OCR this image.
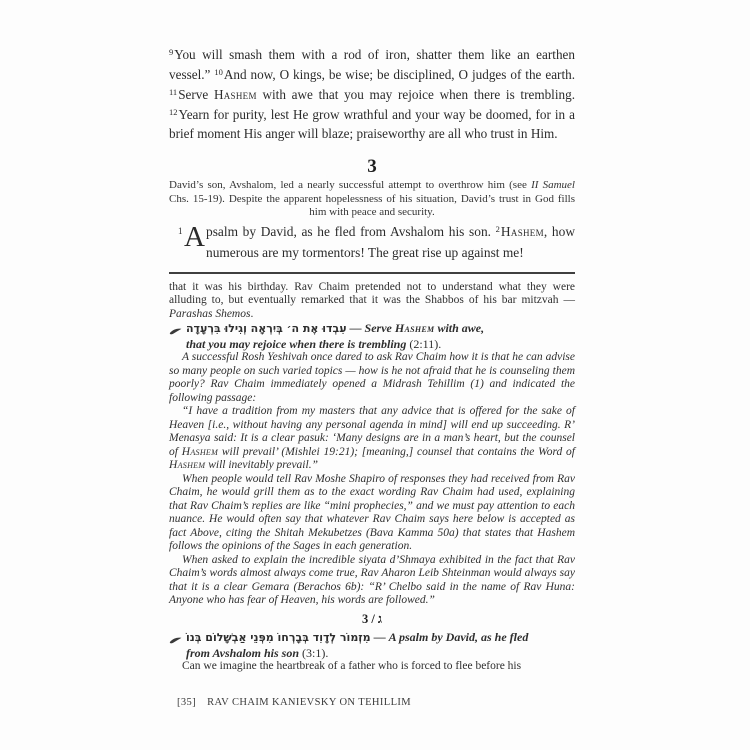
$^9$You will smash them with a rod of iron, shatter them like an earthen vessel.” $^{10}$And now, O kings, be wise; be disciplined, O judges of the earth. $^{11}$Serve Hashem with awe that you may rejoice when there is trembling. $^{12}$Yearn for purity, lest He grow wrathful and your way be doomed, for in a brief moment His anger will blaze; praiseworthy are all who trust in Him.

3

David’s son, Avshalom, led a nearly successful attempt to overthrow him (see II Samuel Chs. 15-19). Despite the apparent hopelessness of his situation, David’s trust in God fills him with peace and security.

1 A psalm by David, as he fled from Avshalom his son. $^2$Hashem, how numerous are my tormentors! The great rise up against me!

that it was his birthday. Rav Chaim pretended not to understand what they were alluding to, but eventually remarked that it was the Shabbos of his bar mitzvah — Parashas Shemos.

עִבְדוּ אֶת ה׳ בְּיִרְאָה וְגִילוּ בִּרְעָדָה — Serve Hashem with awe,
that you may rejoice when there is trembling (2:11).

A successful Rosh Yeshivah once dared to ask Rav Chaim how it is that he can advise so many people on such varied topics — how is he not afraid that he is counseling them poorly? Rav Chaim immediately opened a Midrash Tehillim (1) and indicated the following passage:

“I have a tradition from my masters that any advice that is offered for the sake of Heaven [i.e., without having any personal agenda in mind] will end up succeeding. R’ Menasya said: It is a clear pasuk: ‘Many designs are in a man’s heart, but the counsel of Hashem will prevail’ (Mishlei 19:21); [meaning,] counsel that contains the Word of Hashem will inevitably prevail.”

When people would tell Rav Moshe Shapiro of responses they had received from Rav Chaim, he would grill them as to the exact wording Rav Chaim had used, explaining that Rav Chaim’s replies are like “mini prophecies,” and we must pay attention to each nuance. He would often say that whatever Rav Chaim says here below is accepted as fact Above, citing the Shitah Mekubetzes (Bava Kamma 50a) that states that Hashem follows the opinions of the Sages in each generation.

When asked to explain the incredible siyata d’Shmaya exhibited in the fact that Rav Chaim’s words almost always come true, Rav Aharon Leib Shteinman would always say that it is a clear Gemara (Berachos 6b): “R’ Chelbo said in the name of Rav Huna: Anyone who has fear of Heaven, his words are followed.”

3 / ג

מִזְמוֹר לְדָוִד בְּבָרְחוֹ מִפְּנֵי אַבְשָׁלוֹם בְּנוֹ — A psalm by David, as he fled
from Avshalom his son (3:1).

Can we imagine the heartbreak of a father who is forced to flee before his

[35] RAV CHAIM KANIEVSKY ON TEHILLIM
